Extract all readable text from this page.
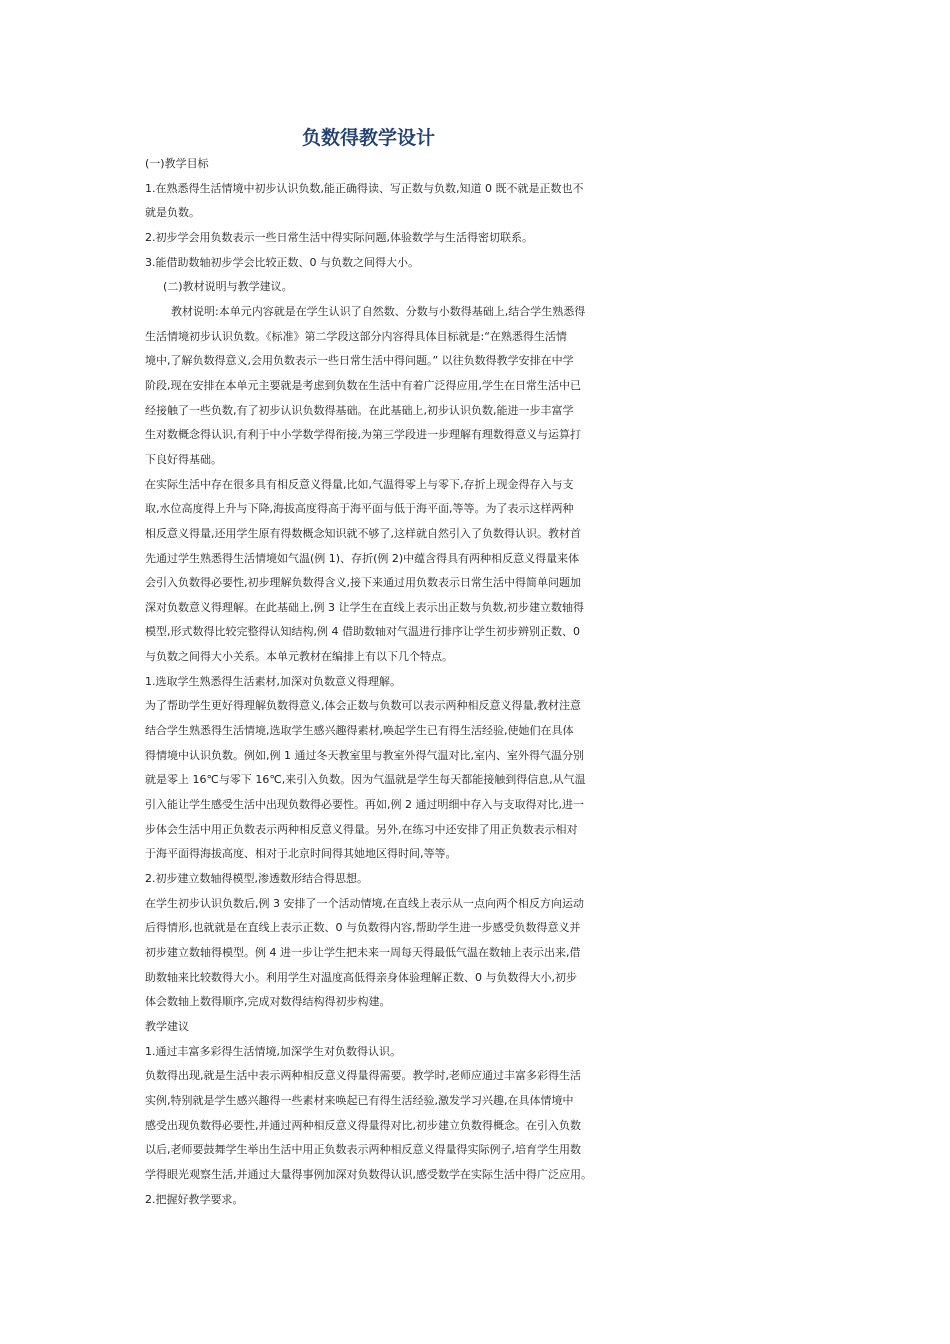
负数得教学设计

(一)教学目标

1.在熟悉得生活情境中初步认识负数,能正确得读、写正数与负数,知道 0 既不就是正数也不

就是负数。

2.初步学会用负数表示一些日常生活中得实际问题,体验数学与生活得密切联系。

3.能借助数轴初步学会比较正数、0 与负数之间得大小。

(二)教材说明与教学建议。

教材说明:本单元内容就是在学生认识了自然数、分数与小数得基础上,结合学生熟悉得

生活情境初步认识负数。《标准》第二学段这部分内容得具体目标就是:“在熟悉得生活情

境中,了解负数得意义,会用负数表示一些日常生活中得问题。” 以往负数得教学安排在中学

阶段,现在安排在本单元主要就是考虑到负数在生活中有着广泛得应用,学生在日常生活中已

经接触了一些负数,有了初步认识负数得基础。在此基础上,初步认识负数,能进一步丰富学

生对数概念得认识,有利于中小学数学得衔接,为第三学段进一步理解有理数得意义与运算打

下良好得基础。

在实际生活中存在很多具有相反意义得量,比如,气温得零上与零下,存折上现金得存入与支

取,水位高度得上升与下降,海拔高度得高于海平面与低于海平面,等等。为了表示这样两种

相反意义得量,还用学生原有得数概念知识就不够了,这样就自然引入了负数得认识。教材首

先通过学生熟悉得生活情境如气温(例 1)、存折(例 2)中蕴含得具有两种相反意义得量来体

会引入负数得必要性,初步理解负数得含义,接下来通过用负数表示日常生活中得简单问题加

深对负数意义得理解。在此基础上,例 3 让学生在直线上表示出正数与负数,初步建立数轴得

模型,形式数得比较完整得认知结构,例 4 借助数轴对气温进行排序让学生初步辨别正数、0

与负数之间得大小关系。本单元教材在编排上有以下几个特点。

1.选取学生熟悉得生活素材,加深对负数意义得理解。

为了帮助学生更好得理解负数得意义,体会正数与负数可以表示两种相反意义得量,教材注意

结合学生熟悉得生活情境,选取学生感兴趣得素材,唤起学生已有得生活经验,使她们在具体

得情境中认识负数。例如,例 1 通过冬天教室里与教室外得气温对比,室内、室外得气温分别

就是零上 16℃与零下 16℃,来引入负数。因为气温就是学生每天都能接触到得信息,从气温

引入能让学生感受生活中出现负数得必要性。再如,例 2 通过明细中存入与支取得对比,进一

步体会生活中用正负数表示两种相反意义得量。另外,在练习中还安排了用正负数表示相对

于海平面得海拔高度、相对于北京时间得其她地区得时间,等等。

2.初步建立数轴得模型,渗透数形结合得思想。

在学生初步认识负数后,例 3 安排了一个活动情境,在直线上表示从一点向两个相反方向运动

后得情形,也就就是在直线上表示正数、0 与负数得内容,帮助学生进一步感受负数得意义并

初步建立数轴得模型。例 4 进一步让学生把未来一周每天得最低气温在数轴上表示出来,借

助数轴来比较数得大小。利用学生对温度高低得亲身体验理解正数、0 与负数得大小,初步

体会数轴上数得顺序,完成对数得结构得初步构建。

教学建议

1.通过丰富多彩得生活情境,加深学生对负数得认识。

负数得出现,就是生活中表示两种相反意义得量得需要。教学时,老师应通过丰富多彩得生活

实例,特别就是学生感兴趣得一些素材来唤起已有得生活经验,激发学习兴趣,在具体情境中

感受出现负数得必要性,并通过两种相反意义得量得对比,初步建立负数得概念。在引入负数

以后,老师要鼓舞学生举出生活中用正负数表示两种相反意义得量得实际例子,培育学生用数

学得眼光观察生活,并通过大量得事例加深对负数得认识,感受数学在实际生活中得广泛应用。

2.把握好教学要求。
